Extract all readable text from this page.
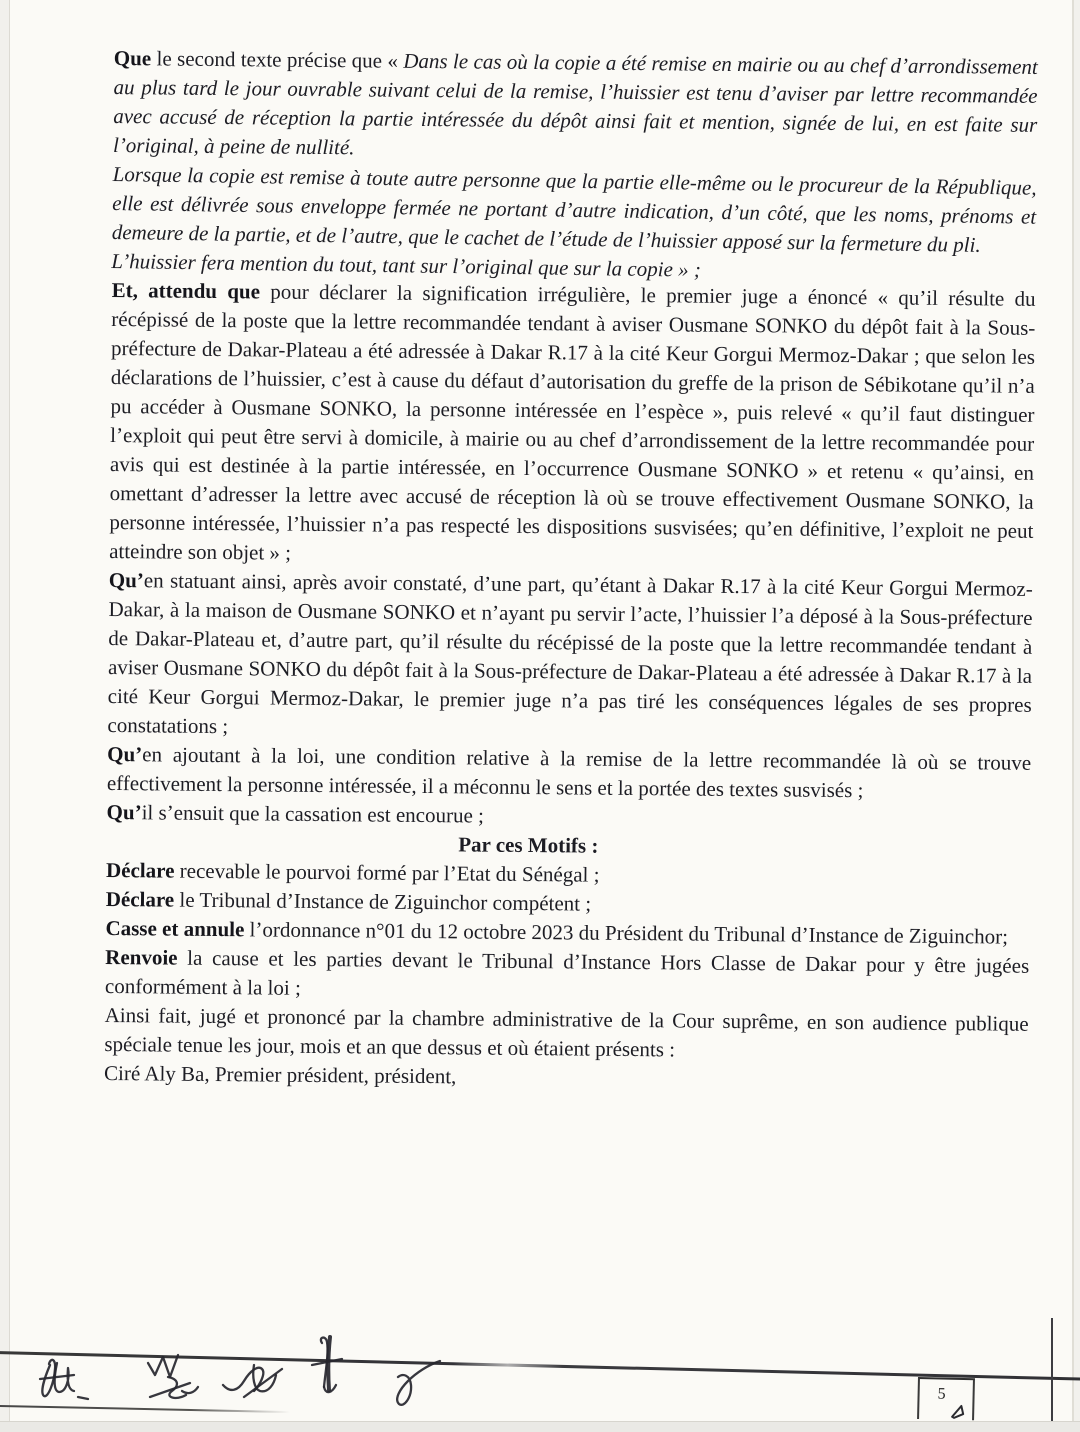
Que le second texte précise que « Dans le cas où la copie a été remise en mairie ou au chef d’arrondissement au plus tard le jour ouvrable suivant celui de la remise, l’huissier est tenu d’aviser par lettre recommandée avec accusé de réception la partie intéressée du dépôt ainsi fait et mention, signée de lui, en est faite sur l’original, à peine de nullité.

Lorsque la copie est remise à toute autre personne que la partie elle-même ou le procureur de la République, elle est délivrée sous enveloppe fermée ne portant d’autre indication, d’un côté, que les noms, prénoms et demeure de la partie, et de l’autre, que le cachet de l’étude de l’huissier apposé sur la fermeture du pli.

L’huissier fera mention du tout, tant sur l’original que sur la copie » ;

Et, attendu que pour déclarer la signification irrégulière, le premier juge a énoncé « qu’il résulte du récépissé de la poste que la lettre recommandée tendant à aviser Ousmane SONKO du dépôt fait à la Sous-préfecture de Dakar-Plateau a été adressée à Dakar R.17 à la cité Keur Gorgui Mermoz-Dakar ; que selon les déclarations de l’huissier, c’est à cause du défaut d’autorisation du greffe de la prison de Sébikotane qu’il n’a pu accéder à Ousmane SONKO, la personne intéressée en l’espèce », puis relevé « qu’il faut distinguer l’exploit qui peut être servi à domicile, à mairie ou au chef d’arrondissement de la lettre recommandée pour avis qui est destinée à la partie intéressée, en l’occurrence Ousmane SONKO » et retenu « qu’ainsi, en omettant d’adresser la lettre avec accusé de réception là où se trouve effectivement Ousmane SONKO, la personne intéressée, l’huissier n’a pas respecté les dispositions susvisées; qu’en définitive, l’exploit ne peut atteindre son objet » ;

Qu’en statuant ainsi, après avoir constaté, d’une part, qu’étant à Dakar R.17 à la cité Keur Gorgui Mermoz- Dakar, à la maison de Ousmane SONKO et n’ayant pu servir l’acte, l’huissier l’a déposé à la Sous-préfecture de Dakar-Plateau et, d’autre part, qu’il résulte du récépissé de la poste que la lettre recommandée tendant à aviser Ousmane SONKO du dépôt fait à la Sous-préfecture de Dakar-Plateau a été adressée à Dakar R.17 à la cité Keur Gorgui Mermoz-Dakar, le premier juge n’a pas tiré les conséquences légales de ses propres constatations ;

Qu’en ajoutant à la loi, une condition relative à la remise de la lettre recommandée là où se trouve effectivement la personne intéressée, il a méconnu le sens et la portée des textes susvisés ;

Qu’il s’ensuit que la cassation est encourue ;

Par ces Motifs :

Déclare recevable le pourvoi formé par l’Etat du Sénégal ;

Déclare le Tribunal d’Instance de Ziguinchor compétent ;

Casse et annule l’ordonnance n°01 du 12 octobre 2023 du Président du Tribunal d’Instance de Ziguinchor;

Renvoie la cause et les parties devant le Tribunal d’Instance Hors Classe de Dakar pour y être jugées conformément à la loi ;

Ainsi fait, jugé et prononcé par la chambre administrative de la Cour suprême, en son audience publique spéciale tenue les jour, mois et an que dessus et où étaient présents :

Ciré Aly Ba, Premier président, président,

5
